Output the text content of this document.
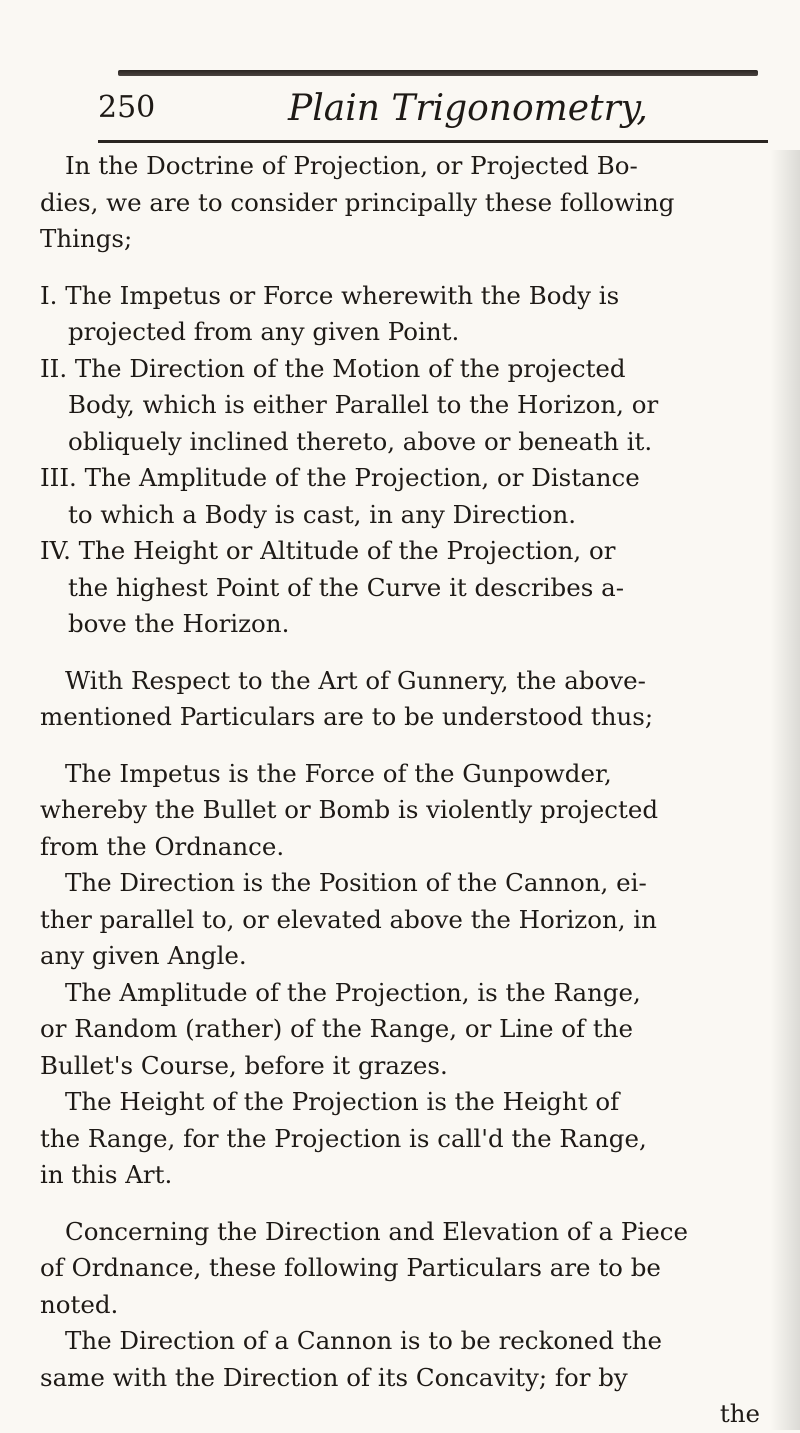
250	Plain Trigonometry,
In the Doctrine of Projection, or Projected Bo-
dies, we are to consider principally these following
Things;
I. The Impetus or Force wherewith the Body is
projected from any given Point.
II. The Direction of the Motion of the projected
Body, which is either Parallel to the Horizon, or
obliquely inclined thereto, above or beneath it.
III. The Amplitude of the Projection, or Distance
to which a Body is cast, in any Direction.
IV. The Height or Altitude of the Projection, or
the highest Point of the Curve it describes a-
bove the Horizon.
With Respect to the Art of Gunnery, the above-
mentioned Particulars are to be understood thus;
The Impetus is the Force of the Gunpowder,
whereby the Bullet or Bomb is violently projected
from the Ordnance.
The Direction is the Position of the Cannon, ei-
ther parallel to, or elevated above the Horizon, in
any given Angle.
The Amplitude of the Projection, is the Range,
or Random (rather) of the Range, or Line of the
Bullet's Course, before it grazes.
The Height of the Projection is the Height of
the Range, for the Projection is call'd the Range,
in this Art.
Concerning the Direction and Elevation of a Piece
of Ordnance, these following Particulars are to be
noted.
The Direction of a Cannon is to be reckoned the
same with the Direction of its Concavity; for by
the
